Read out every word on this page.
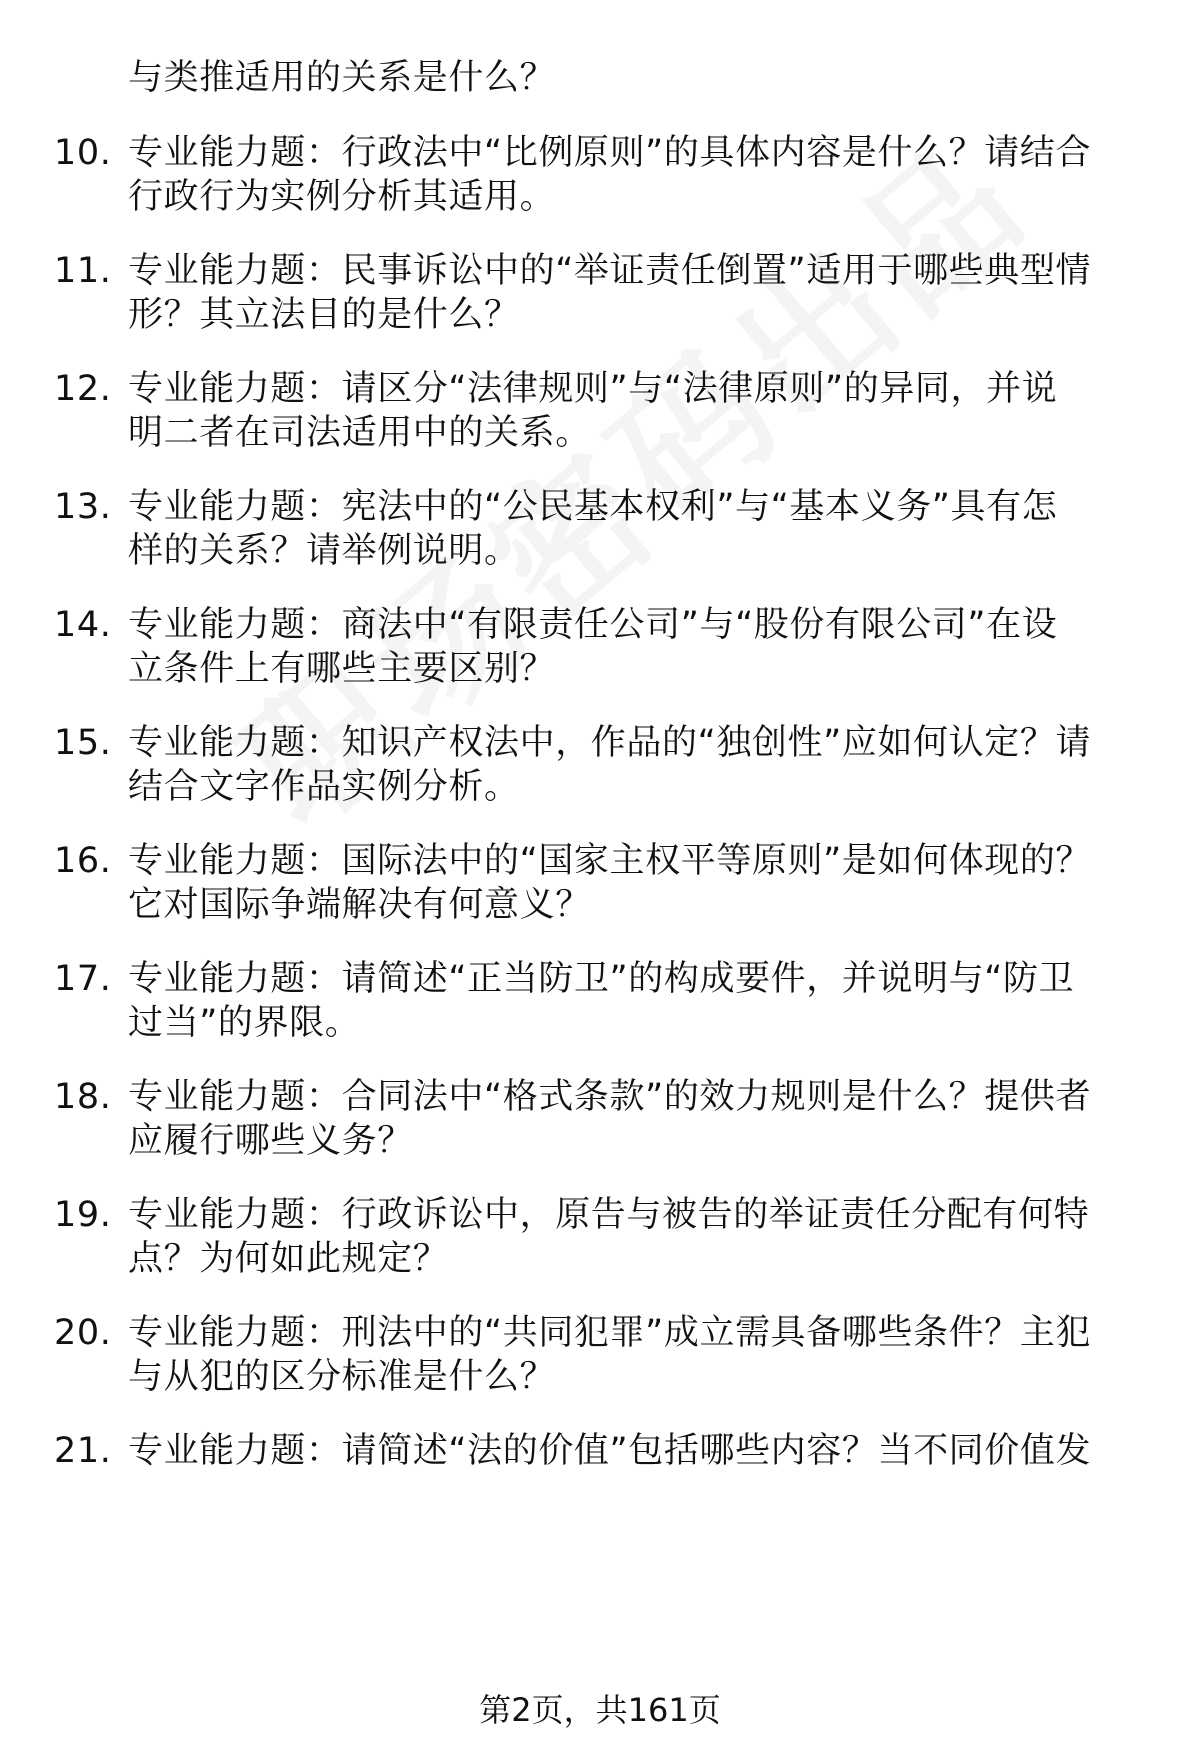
与类推适用的关系是什么？
10. 专业能力题：行政法中“比例原则”的具体内容是什么？请结合
行政行为实例分析其适用。
11. 专业能力题：民事诉讼中的“举证责任倒置”适用于哪些典型情
形？其立法目的是什么？
12. 专业能力题：请区分“法律规则”与“法律原则”的异同，并说
明二者在司法适用中的关系。
13. 专业能力题：宪法中的“公民基本权利”与“基本义务”具有怎
样的关系？请举例说明。
14. 专业能力题：商法中“有限责任公司”与“股份有限公司”在设
立条件上有哪些主要区别？
15. 专业能力题：知识产权法中，作品的“独创性”应如何认定？请
结合文字作品实例分析。
16. 专业能力题：国际法中的“国家主权平等原则”是如何体现的？
它对国际争端解决有何意义？
17. 专业能力题：请简述“正当防卫”的构成要件，并说明与“防卫
过当”的界限。
18. 专业能力题：合同法中“格式条款”的效力规则是什么？提供者
应履行哪些义务？
19. 专业能力题：行政诉讼中，原告与被告的举证责任分配有何特
点？为何如此规定？
20. 专业能力题：刑法中的“共同犯罪”成立需具备哪些条件？主犯
与从犯的区分标准是什么？
21. 专业能力题：请简述“法的价值”包括哪些内容？当不同价值发
第2页，共161页
